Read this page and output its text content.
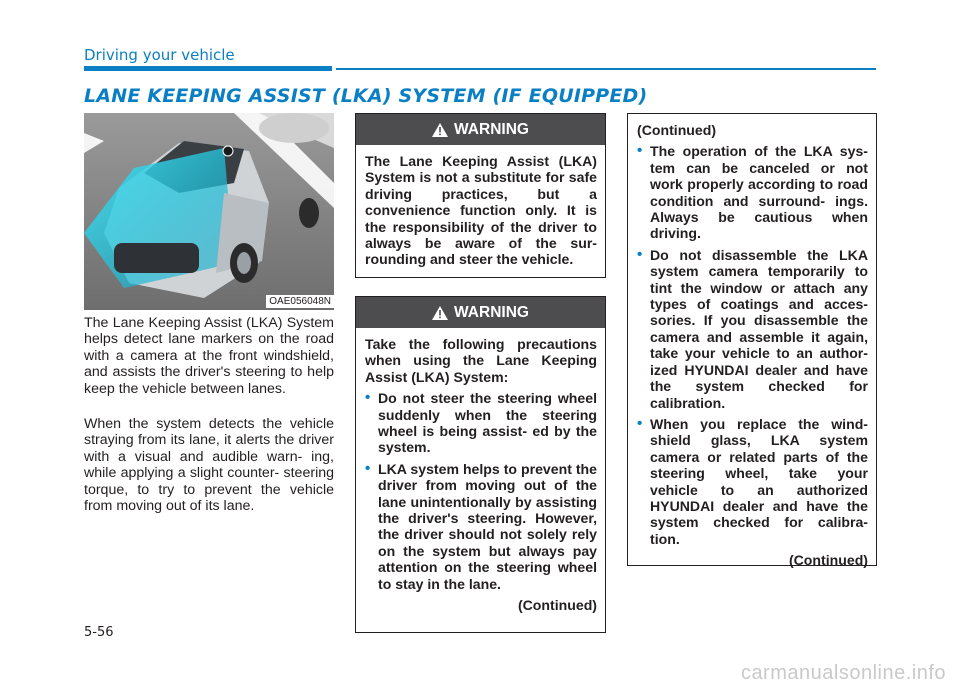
Driving your vehicle
LANE KEEPING ASSIST (LKA) SYSTEM (IF EQUIPPED)
OAE056048N

The Lane Keeping Assist (LKA) System helps detect lane markers on the road with a camera at the front windshield, and assists the driver's steering to help keep the vehicle between lanes.

When the system detects the vehicle straying from its lane, it alerts the driver with a visual and audible warn- ing, while applying a slight counter- steering torque, to try to prevent the vehicle from moving out of its lane.

WARNING

The Lane Keeping Assist (LKA) System is not a substitute for safe driving practices, but a convenience function only. It is the responsibility of the driver to always be aware of the sur- rounding and steer the vehicle.

WARNING

Take the following precautions when using the Lane Keeping Assist (LKA) System:

• Do not steer the steering wheel suddenly when the steering wheel is being assist- ed by the system.
• LKA system helps to prevent the driver from moving out of the lane unintentionally by assisting the driver's steering. However, the driver should not solely rely on the system but always pay attention on the steering wheel to stay in the lane.

(Continued)

(Continued)

• The operation of the LKA sys- tem can be canceled or not work properly according to road condition and surround- ings. Always be cautious when driving.
• Do not disassemble the LKA system camera temporarily to tint the window or attach any types of coatings and acces- sories. If you disassemble the camera and assemble it again, take your vehicle to an author- ized HYUNDAI dealer and have the system checked for calibration.
• When you replace the wind- shield glass, LKA system camera or related parts of the steering wheel, take your vehicle to an authorized HYUNDAI dealer and have the system checked for calibra- tion.

(Continued)

5-56
carmanualsonline.info
